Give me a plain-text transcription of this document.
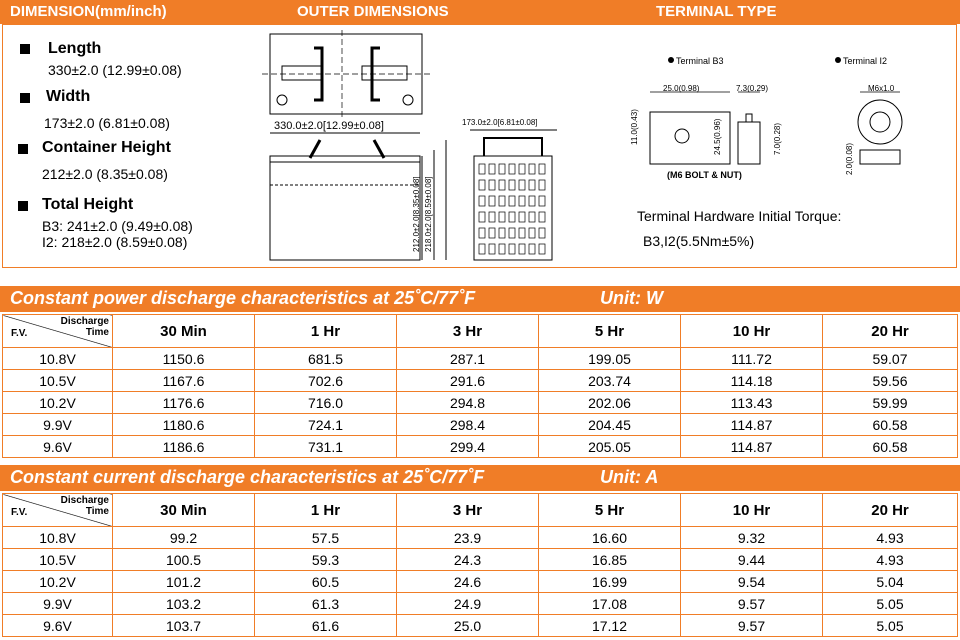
DIMENSION(mm/inch)	OUTER DIMENSIONS	TERMINAL TYPE
Length
330±2.0 (12.99±0.08)
Width
173±2.0 (6.81±0.08)
Container Height
212±2.0 (8.35±0.08)
Total Height
B3: 241±2.0 (9.49±0.08)
I2: 218±2.0 (8.59±0.08)
330.0±2.0[12.99±0.08]	173.0±2.0[6.81±0.08]
212.0±2.0[8.35±0.08] 218.0±2.0[8.59±0.08]
Terminal B3	Terminal I2
25.0(0.98)	7.3(0.29)
11.0(0.43)	24.5(0.96)	7.0(0.28)
(M6 BOLT & NUT)
M6x1.0
2.0(0.08)
Terminal Hardware Initial Torque:
B3,I2(5.5Nm±5%)
Constant power discharge characteristics at 25˚C/77˚F	Unit: W
Discharge
Time
F.V.	30 Min	1 Hr	3 Hr	5 Hr	10 Hr	20 Hr
10.8V	1150.6	681.5	287.1	199.05	111.72	59.07
10.5V	1167.6	702.6	291.6	203.74	114.18	59.56
10.2V	1176.6	716.0	294.8	202.06	113.43	59.99
9.9V	1180.6	724.1	298.4	204.45	114.87	60.58
9.6V	1186.6	731.1	299.4	205.05	114.87	60.58
Constant current discharge characteristics at 25˚C/77˚F	Unit: A
Discharge
Time
F.V.	30 Min	1 Hr	3 Hr	5 Hr	10 Hr	20 Hr
10.8V	99.2	57.5	23.9	16.60	9.32	4.93
10.5V	100.5	59.3	24.3	16.85	9.44	4.93
10.2V	101.2	60.5	24.6	16.99	9.54	5.04
9.9V	103.2	61.3	24.9	17.08	9.57	5.05
9.6V	103.7	61.6	25.0	17.12	9.57	5.05
